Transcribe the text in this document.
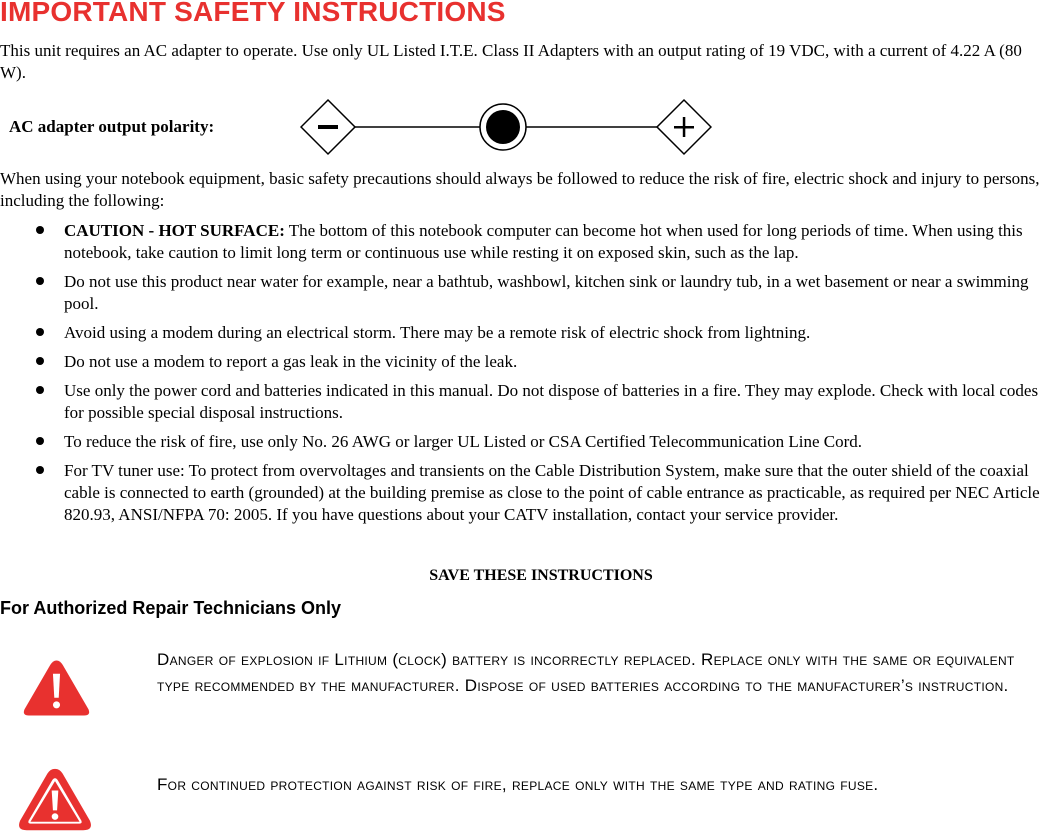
IMPORTANT SAFETY INSTRUCTIONS

This unit requires an AC adapter to operate. Use only UL Listed I.T.E. Class II Adapters with an output rating of 19 VDC, with a current of 4.22 A (80 W).

AC adapter output polarity:

When using your notebook equipment, basic safety precautions should always be followed to reduce the risk of fire, electric shock and injury to persons, including the following:

CAUTION - HOT SURFACE: The bottom of this notebook computer can become hot when used for long periods of time. When using this notebook, take caution to limit long term or continuous use while resting it on exposed skin, such as the lap.
Do not use this product near water for example, near a bathtub, washbowl, kitchen sink or laundry tub, in a wet basement or near a swimming pool.
Avoid using a modem during an electrical storm. There may be a remote risk of electric shock from lightning.
Do not use a modem to report a gas leak in the vicinity of the leak.
Use only the power cord and batteries indicated in this manual. Do not dispose of batteries in a fire. They may explode. Check with local codes for possible special disposal instructions.
To reduce the risk of fire, use only No. 26 AWG or larger UL Listed or CSA Certified Telecommunication Line Cord.
For TV tuner use: To protect from overvoltages and transients on the Cable Distribution System, make sure that the outer shield of the coaxial cable is connected to earth (grounded) at the building premise as close to the point of cable entrance as practicable, as required per NEC Article 820.93, ANSI/NFPA 70: 2005. If you have questions about your CATV installation, contact your service provider.

SAVE THESE INSTRUCTIONS

For Authorized Repair Technicians Only

Danger of explosion if Lithium (clock) battery is incorrectly replaced. Replace only with the same or equivalent type recommended by the manufacturer. Dispose of used batteries according to the manufacturer’s instruction.

For continued protection against risk of fire, replace only with the same type and rating fuse.
